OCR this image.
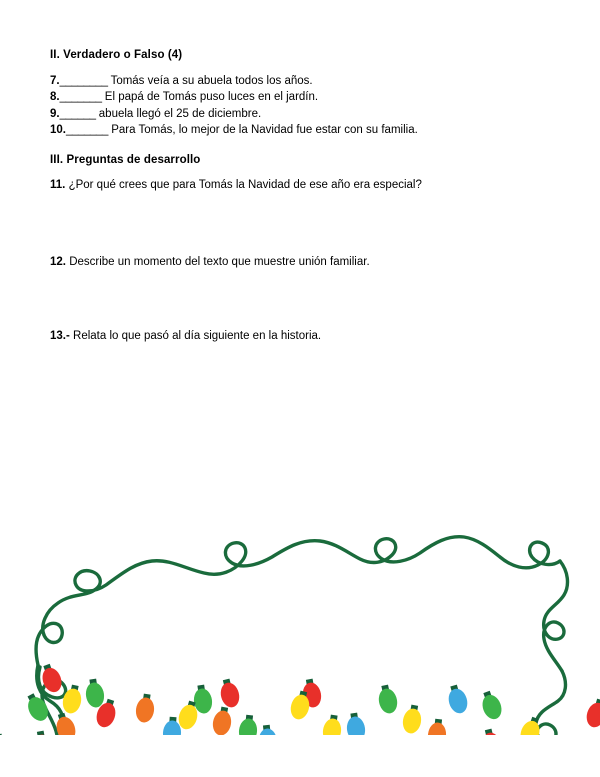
II. Verdadero o Falso (4)
7.________ Tomás veía a su abuela todos los años.
8._______ El papá de Tomás puso luces en el jardín.
9.______ abuela llegó el 25 de diciembre.
10._______ Para Tomás, lo mejor de la Navidad fue estar con su familia.
III. Preguntas de desarrollo
11. ¿Por qué crees que para Tomás la Navidad de ese año era especial?
12. Describe un momento del texto que muestre unión familiar.
13.- Relata lo que pasó al día siguiente en la historia.
